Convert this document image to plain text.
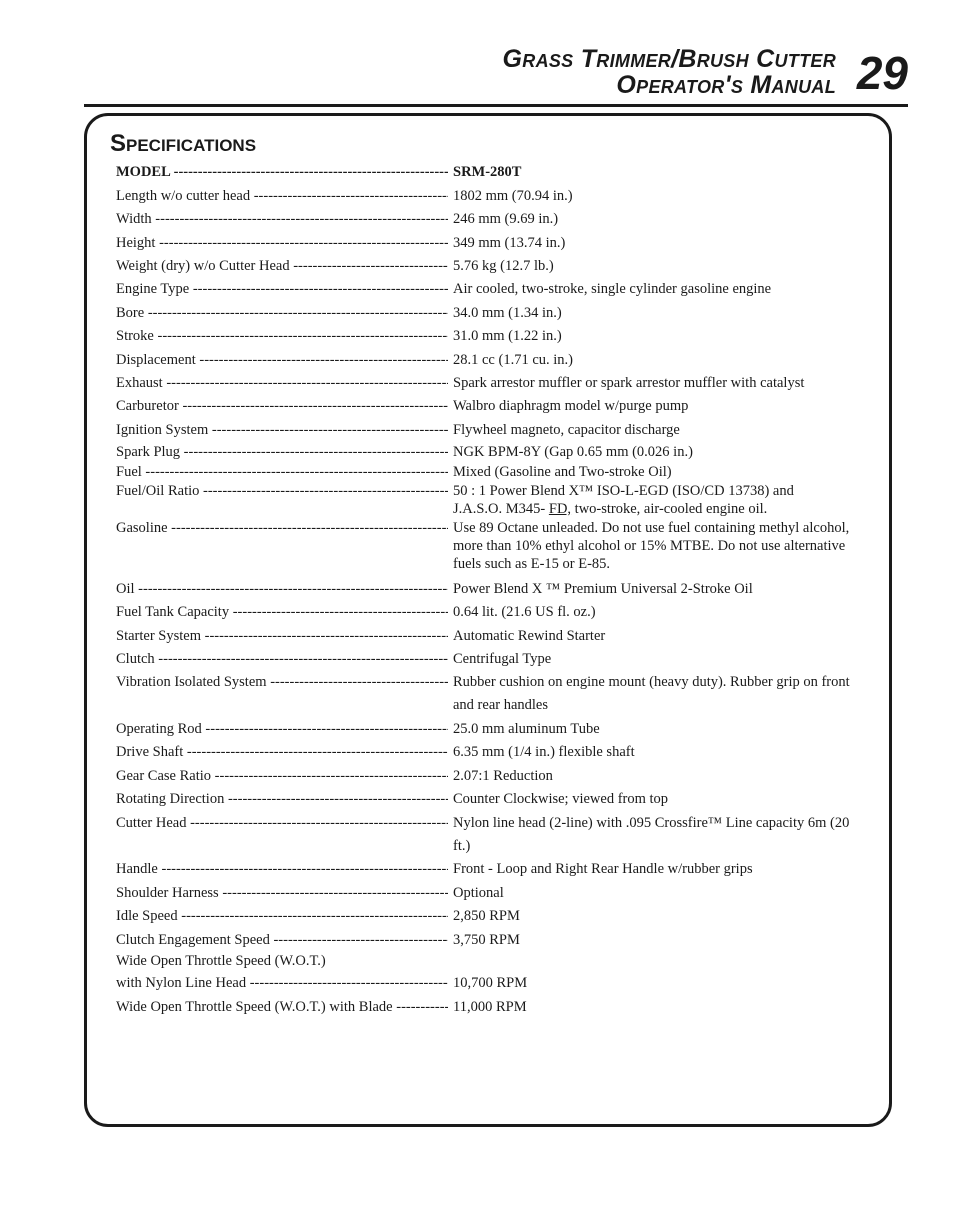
Grass Trimmer/Brush Cutter
Operator's Manual 29
Specifications
MODEL -----	SRM-280T
Length w/o cutter head -----	1802 mm (70.94 in.)
Width -----	246 mm (9.69 in.)
Height -----	349 mm (13.74 in.)
Weight (dry) w/o Cutter Head -----	5.76 kg (12.7 lb.)
Engine Type -----	Air cooled, two-stroke, single cylinder gasoline engine
Bore -----	34.0 mm (1.34 in.)
Stroke -----	31.0 mm (1.22 in.)
Displacement -----	28.1 cc (1.71 cu. in.)
Exhaust -----	Spark arrestor muffler or spark arrestor muffler with catalyst
Carburetor -----	Walbro diaphragm model w/purge pump
Ignition System -----	Flywheel magneto, capacitor discharge
Spark Plug -----	NGK BPM-8Y (Gap 0.65 mm (0.026 in.)
Fuel -----	Mixed (Gasoline and Two-stroke Oil)
Fuel/Oil Ratio -----	50 : 1 Power Blend X™ ISO-L-EGD (ISO/CD 13738) and
J.A.S.O. M345- FD, two-stroke, air-cooled engine oil.
Gasoline -----	Use 89 Octane unleaded. Do not use fuel containing methyl alcohol, more than 10% ethyl alcohol or 15% MTBE. Do not use alternative fuels such as E-15 or E-85.
Oil -----	Power Blend X ™ Premium Universal 2-Stroke Oil
Fuel Tank Capacity -----	0.64 lit. (21.6 US fl. oz.)
Starter System -----	Automatic Rewind Starter
Clutch -----	Centrifugal Type
Vibration Isolated System -----	Rubber cushion on engine mount (heavy duty). Rubber grip on front and rear handles
Operating Rod -----	25.0 mm aluminum Tube
Drive Shaft -----	6.35 mm (1/4 in.) flexible shaft
Gear Case Ratio -----	2.07:1 Reduction
Rotating Direction -----	Counter Clockwise; viewed from top
Cutter Head -----	Nylon line head (2-line) with .095 Crossfire™ Line capacity 6m (20 ft.)
Handle -----	Front - Loop and Right Rear Handle w/rubber grips
Shoulder Harness -----	Optional
Idle Speed -----	2,850 RPM
Clutch Engagement Speed -----	3,750 RPM
Wide Open Throttle Speed (W.O.T.)
with Nylon Line Head -----	10,700 RPM
Wide Open Throttle Speed (W.O.T.) with Blade -----	11,000 RPM
